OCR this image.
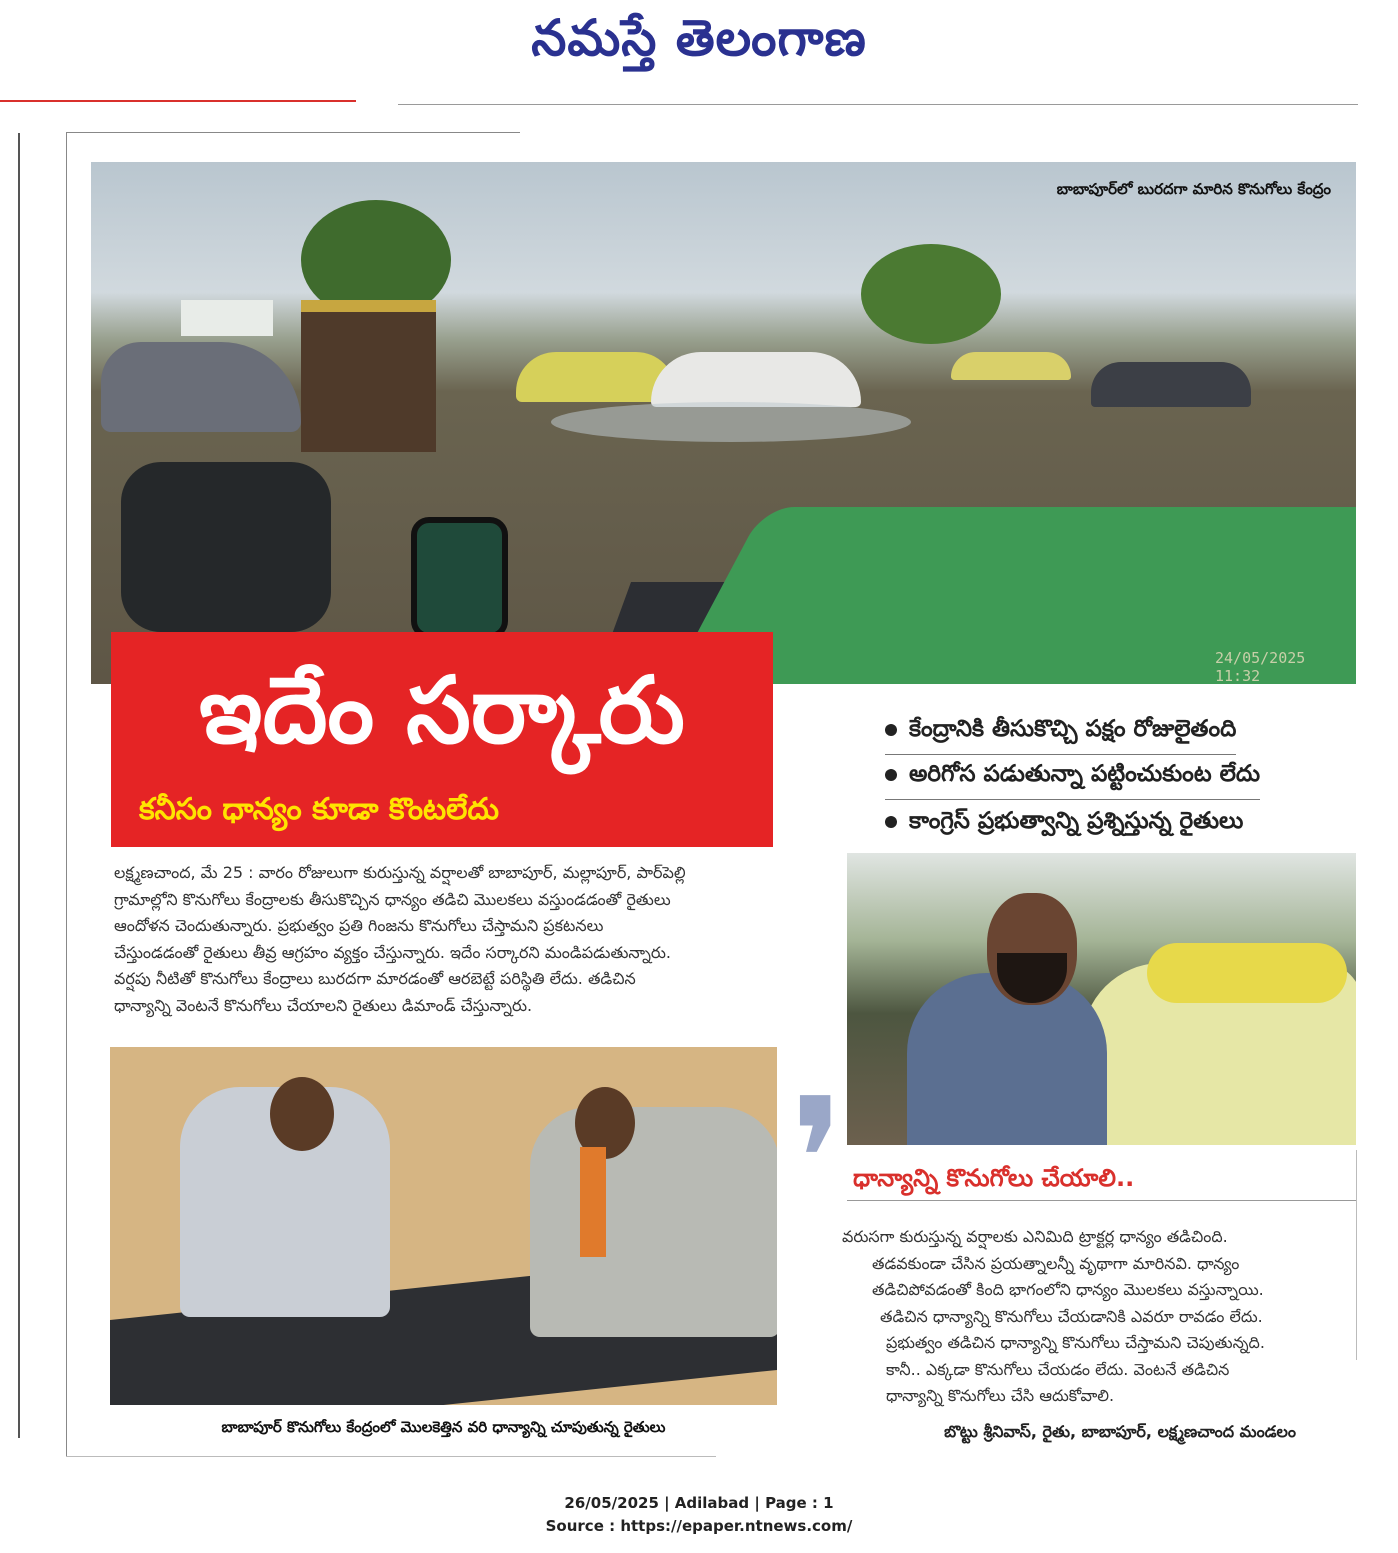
నమస్తే తెలంగాణ
బాబాపూర్‌లో బురదగా మారిన కొనుగోలు కేంద్రం
24/05/2025 11:32
ఇదేం సర్కారు
కనీసం ధాన్యం కూడా కొంటలేదు
కేంద్రానికి తీసుకొచ్చి పక్షం రోజులైతంది
అరిగోస పడుతున్నా పట్టించుకుంట లేదు
కాంగ్రెస్ ప్రభుత్వాన్ని ప్రశ్నిస్తున్న రైతులు
లక్ష్మణచాంద, మే 25 : వారం రోజులుగా కురుస్తున్న వర్షాలతో బాబాపూర్, మల్లాపూర్, పార్‌పెల్లి
గ్రామాల్లోని కొనుగోలు కేంద్రాలకు తీసుకొచ్చిన ధాన్యం తడిచి మొలకలు వస్తుండడంతో రైతులు
ఆందోళన చెందుతున్నారు. ప్రభుత్వం ప్రతి గింజను కొనుగోలు చేస్తామని ప్రకటనలు
చేస్తుండడంతో రైతులు తీవ్ర ఆగ్రహం వ్యక్తం చేస్తున్నారు. ఇదేం సర్కారని మండిపడుతున్నారు.
వర్షపు నీటితో కొనుగోలు కేంద్రాలు బురదగా మారడంతో ఆరబెట్టే పరిస్థితి లేదు. తడిచిన
ధాన్యాన్ని వెంటనే కొనుగోలు చేయాలని రైతులు డిమాండ్ చేస్తున్నారు.
బాబాపూర్ కొనుగోలు కేంద్రంలో మొలకెత్తిన వరి ధాన్యాన్ని చూపుతున్న రైతులు
❜ ధాన్యాన్ని కొనుగోలు చేయాలి..
వరుసగా కురుస్తున్న వర్షాలకు ఎనిమిది ట్రాక్టర్ల ధాన్యం తడిచింది.
తడవకుండా చేసిన ప్రయత్నాలన్నీ వృథాగా మారినవి. ధాన్యం
తడిచిపోవడంతో కింది భాగంలోని ధాన్యం మొలకలు వస్తున్నాయి.
తడిచిన ధాన్యాన్ని కొనుగోలు చేయడానికి ఎవరూ రావడం లేదు.
ప్రభుత్వం తడిచిన ధాన్యాన్ని కొనుగోలు చేస్తామని చెపుతున్నది.
కానీ.. ఎక్కడా కొనుగోలు చేయడం లేదు. వెంటనే తడిచిన
ధాన్యాన్ని కొనుగోలు చేసి ఆదుకోవాలి.
బొట్టు శ్రీనివాస్, రైతు, బాబాపూర్, లక్ష్మణచాంద మండలం
26/05/2025 | Adilabad | Page : 1
Source : https://epaper.ntnews.com/
